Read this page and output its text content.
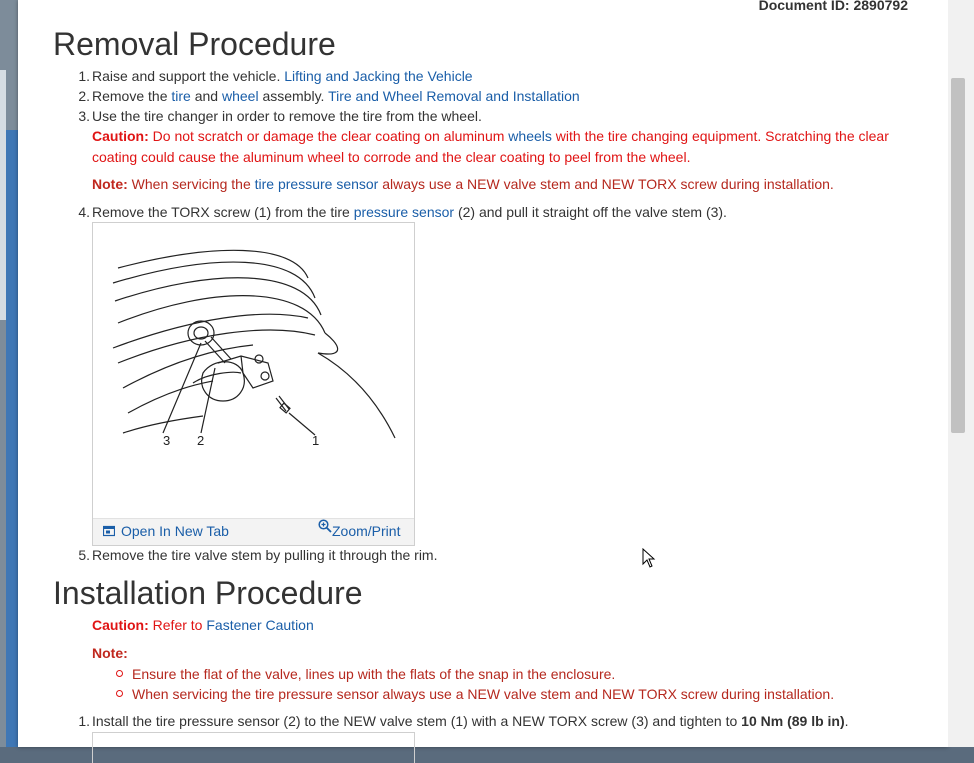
Document ID: 2890792
Removal Procedure
1. Raise and support the vehicle. Lifting and Jacking the Vehicle
2. Remove the tire and wheel assembly. Tire and Wheel Removal and Installation
3. Use the tire changer in order to remove the tire from the wheel.
Caution: Do not scratch or damage the clear coating on aluminum wheels with the tire changing equipment. Scratching the clear
coating could cause the aluminum wheel to corrode and the clear coating to peel from the wheel.
Note: When servicing the tire pressure sensor always use a NEW valve stem and NEW TORX screw during installation.
4. Remove the TORX screw (1) from the tire pressure sensor (2) and pull it straight off the valve stem (3).
3 2	1
Open In New Tab	Zoom/Print
5. Remove the tire valve stem by pulling it through the rim.
Installation Procedure
Caution: Refer to Fastener Caution
Note:
Ensure the flat of the valve, lines up with the flats of the snap in the enclosure.
When servicing the tire pressure sensor always use a NEW valve stem and NEW TORX screw during installation.
1. Install the tire pressure sensor (2) to the NEW valve stem (1) with a NEW TORX screw (3) and tighten to 10 Nm (89 lb in).
